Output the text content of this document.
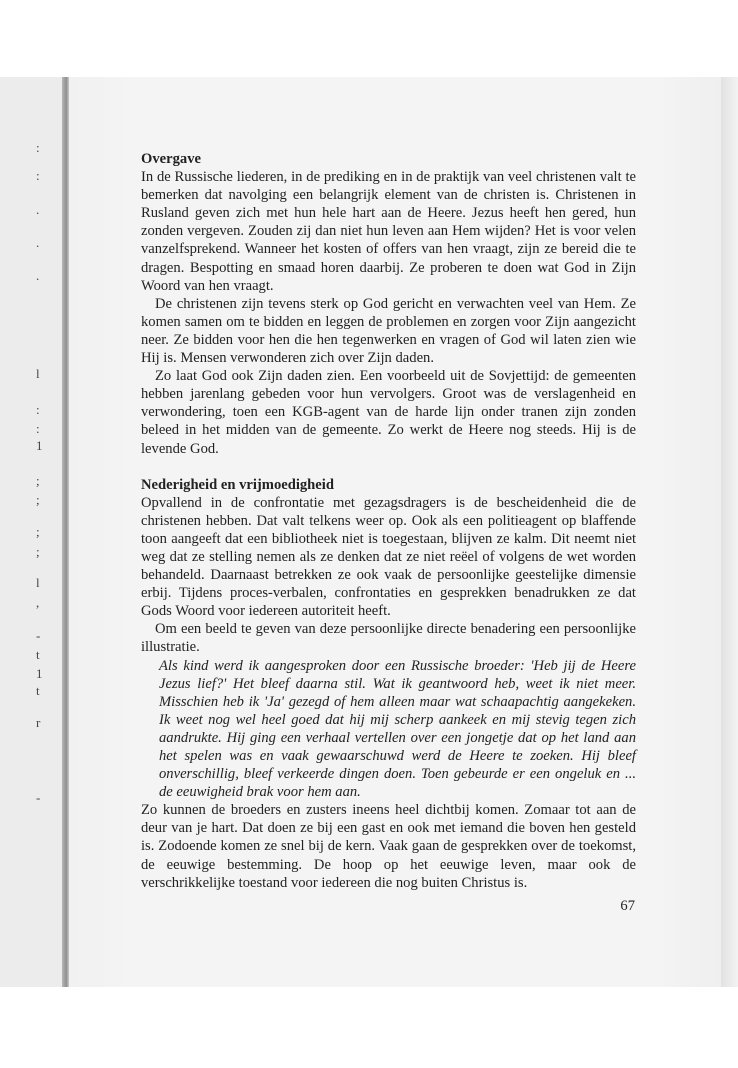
:
:
.
.
.
l
:
:
1
;
;
;
;
l
,
-
t
1
t
r
-

Overgave

In de Russische liederen, in de prediking en in de praktijk van veel christenen valt te bemerken dat navolging een belangrijk element van de christen is. Christenen in Rusland geven zich met hun hele hart aan de Heere. Jezus heeft hen gered, hun zonden vergeven. Zouden zij dan niet hun leven aan Hem wijden? Het is voor velen vanzelfsprekend. Wanneer het kosten of offers van hen vraagt, zijn ze bereid die te dragen. Bespotting en smaad horen daarbij. Ze proberen te doen wat God in Zijn Woord van hen vraagt.

De christenen zijn tevens sterk op God gericht en verwachten veel van Hem. Ze komen samen om te bidden en leggen de problemen en zorgen voor Zijn aangezicht neer. Ze bidden voor hen die hen tegenwerken en vragen of God wil laten zien wie Hij is. Mensen verwonderen zich over Zijn daden.

Zo laat God ook Zijn daden zien. Een voorbeeld uit de Sovjettijd: de gemeenten hebben jarenlang gebeden voor hun vervolgers. Groot was de verslagenheid en verwondering, toen een KGB-agent van de harde lijn onder tranen zijn zonden beleed in het midden van de gemeente. Zo werkt de Heere nog steeds. Hij is de levende God.

Nederigheid en vrijmoedigheid

Opvallend in de confrontatie met gezagsdragers is de bescheidenheid die de christenen hebben. Dat valt telkens weer op. Ook als een politieagent op blaffende toon aangeeft dat een bibliotheek niet is toegestaan, blijven ze kalm. Dit neemt niet weg dat ze stelling nemen als ze denken dat ze niet reëel of volgens de wet worden behandeld. Daarnaast betrekken ze ook vaak de persoonlijke geestelijke dimensie erbij. Tijdens proces-verbalen, confrontaties en gesprekken benadrukken ze dat Gods Woord voor iedereen autoriteit heeft.

Om een beeld te geven van deze persoonlijke directe benadering een persoonlijke illustratie.

Als kind werd ik aangesproken door een Russische broeder: 'Heb jij de Heere Jezus lief?' Het bleef daarna stil. Wat ik geantwoord heb, weet ik niet meer. Misschien heb ik 'Ja' gezegd of hem alleen maar wat schaapachtig aangekeken. Ik weet nog wel heel goed dat hij mij scherp aankeek en mij stevig tegen zich aandrukte. Hij ging een verhaal vertellen over een jongetje dat op het land aan het spelen was en vaak gewaarschuwd werd de Heere te zoeken. Hij bleef onverschillig, bleef verkeerde dingen doen. Toen gebeurde er een ongeluk en ... de eeuwigheid brak voor hem aan.

Zo kunnen de broeders en zusters ineens heel dichtbij komen. Zomaar tot aan de deur van je hart. Dat doen ze bij een gast en ook met iemand die boven hen gesteld is. Zodoende komen ze snel bij de kern. Vaak gaan de gesprekken over de toekomst, de eeuwige bestemming. De hoop op het eeuwige leven, maar ook de verschrikkelijke toestand voor iedereen die nog buiten Christus is.

67
